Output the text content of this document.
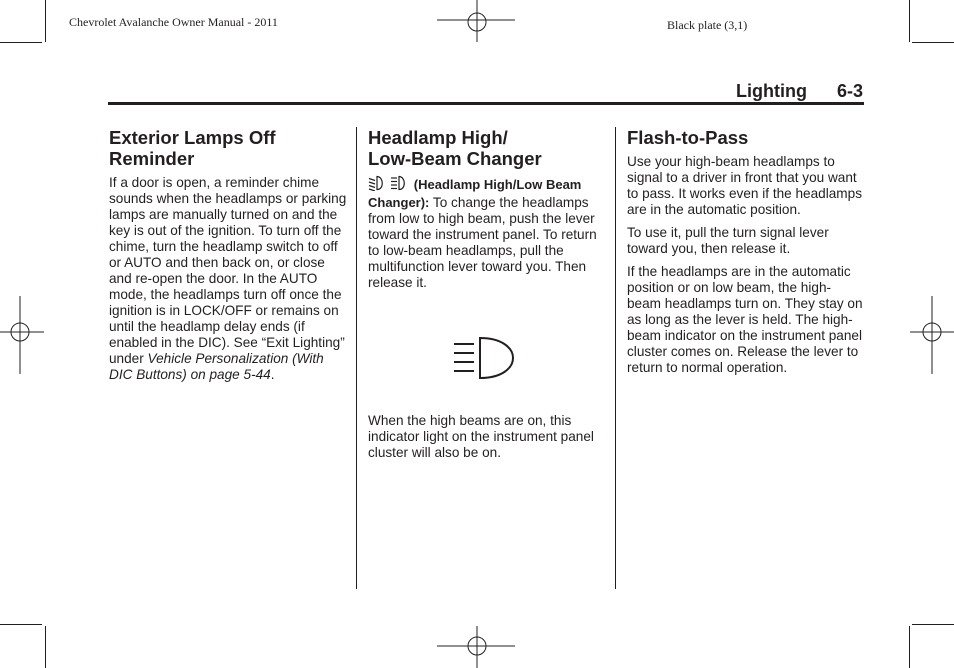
Chevrolet Avalanche Owner Manual - 2011	Black plate (3,1)
Lighting 6-3
Exterior Lamps Off Reminder

If a door is open, a reminder chime sounds when the headlamps or parking lamps are manually turned on and the key is out of the ignition. To turn off the chime, turn the headlamp switch to off or AUTO and then back on, or close and re-open the door. In the AUTO mode, the headlamps turn off once the ignition is in LOCK/OFF or remains on until the headlamp delay ends (if enabled in the DIC). See “Exit Lighting” under Vehicle Personalization (With DIC Buttons) on page 5-44.

Headlamp High/
Low-Beam Changer

(Headlamp High/Low Beam Changer): To change the headlamps from low to high beam, push the lever toward the instrument panel. To return to low-beam headlamps, pull the multifunction lever toward you. Then release it.

When the high beams are on, this indicator light on the instrument panel cluster will also be on.

Flash-to-Pass

Use your high-beam headlamps to signal to a driver in front that you want to pass. It works even if the headlamps are in the automatic position.

To use it, pull the turn signal lever toward you, then release it.

If the headlamps are in the automatic position or on low beam, the high-beam headlamps turn on. They stay on as long as the lever is held. The high-beam indicator on the instrument panel cluster comes on. Release the lever to return to normal operation.
